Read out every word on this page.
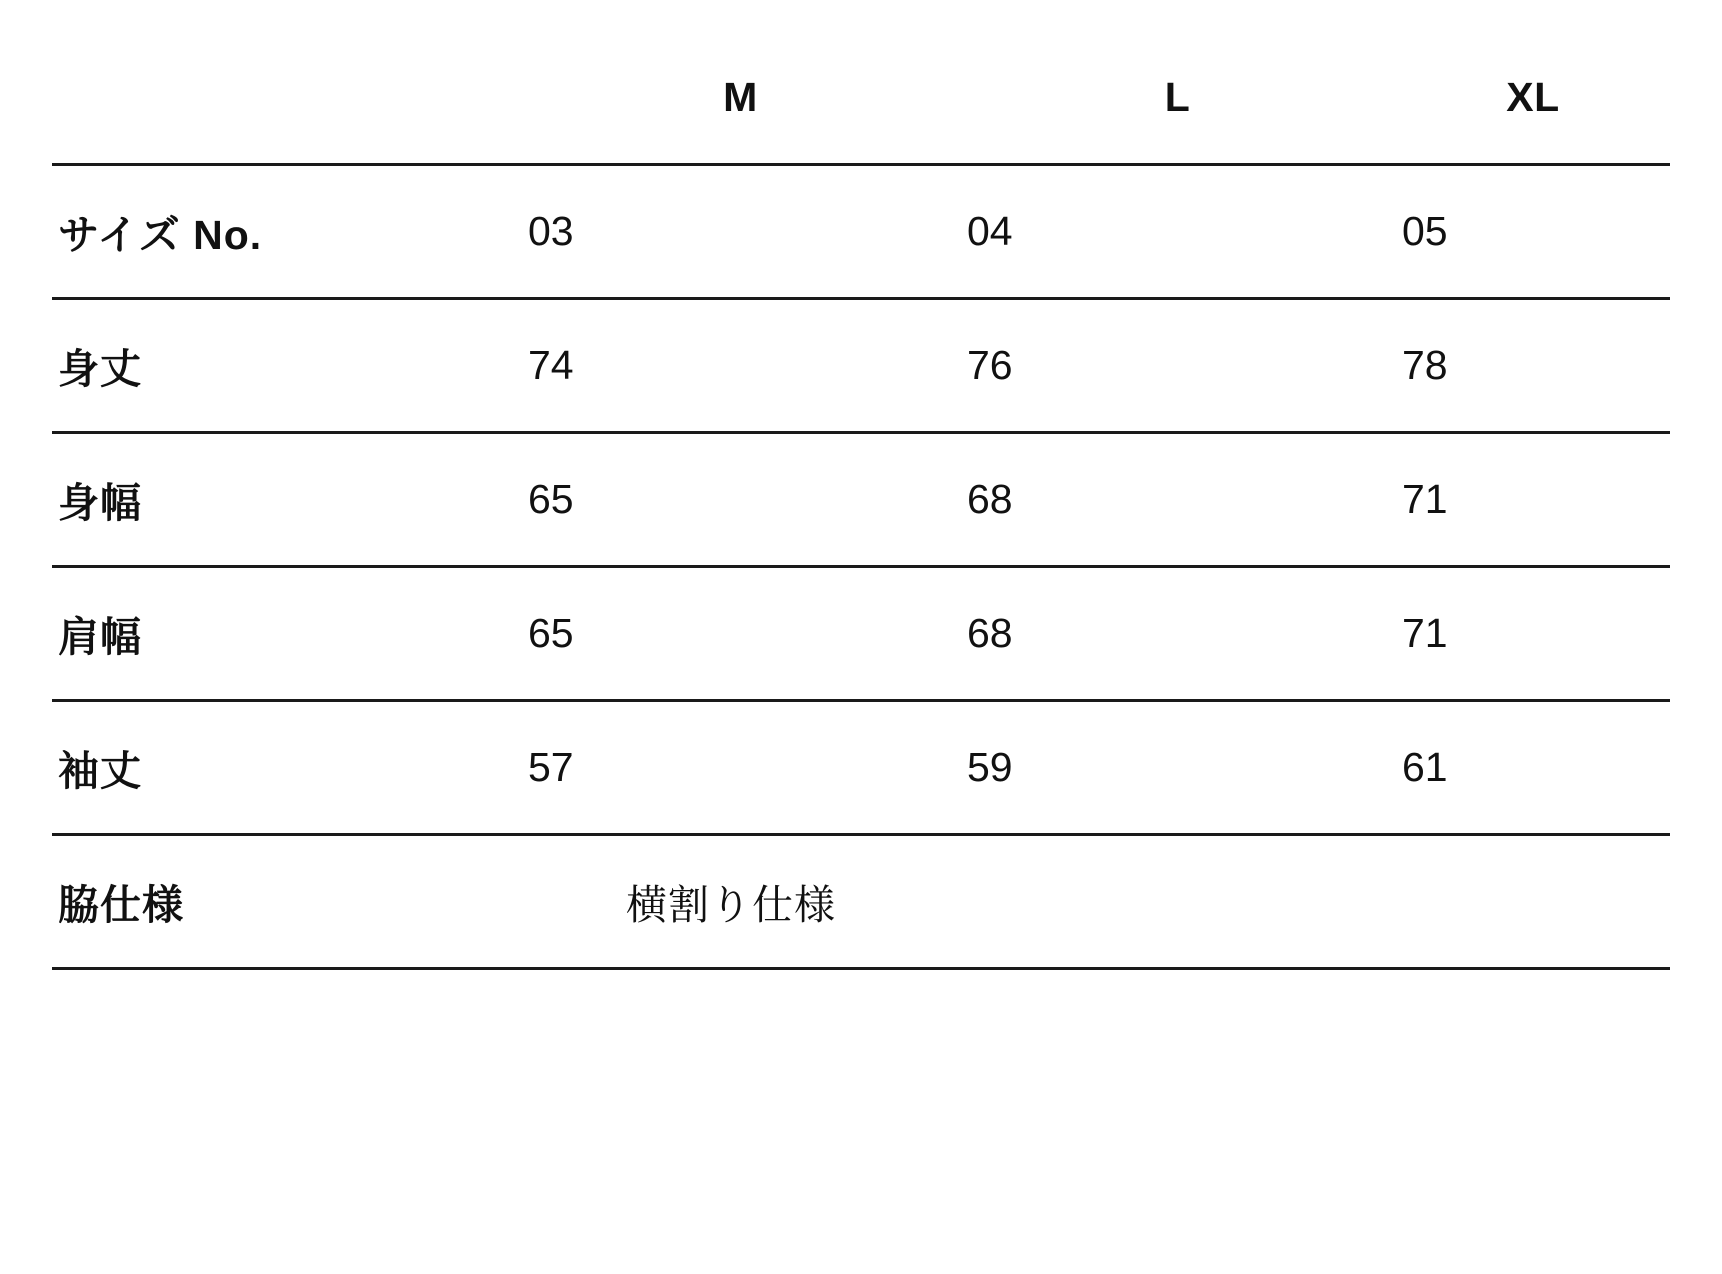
	M	L	XL
サイズ No.	03	04	05
身丈	74	76	78
身幅	65	68	71
肩幅	65	68	71
袖丈	57	59	61
脇仕様	横割り仕様		
